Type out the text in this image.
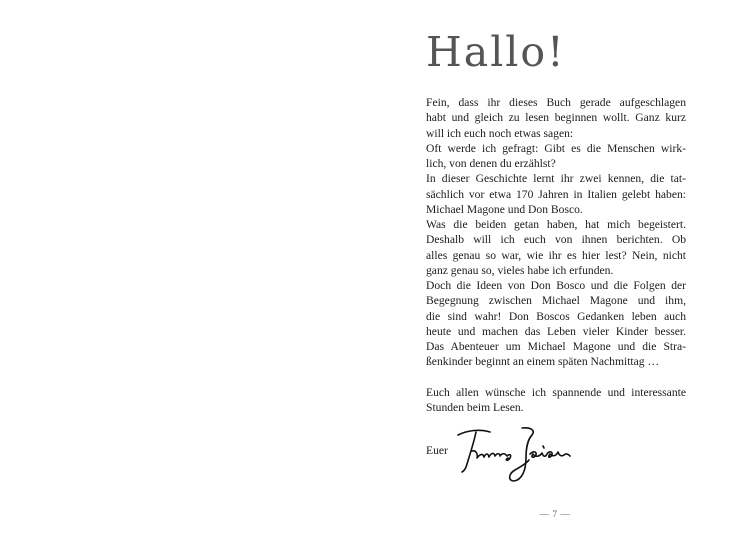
Hallo!
Fein, dass ihr dieses Buch gerade aufgeschlagen
habt und gleich zu lesen beginnen wollt. Ganz kurz
will ich euch noch etwas sagen:
Oft werde ich gefragt: Gibt es die Menschen wirk-
lich, von denen du erzählst?
In dieser Geschichte lernt ihr zwei kennen, die tat-
sächlich vor etwa 170 Jahren in Italien gelebt haben:
Michael Magone und Don Bosco.
Was die beiden getan haben, hat mich begeistert.
Deshalb will ich euch von ihnen berichten. Ob
alles genau so war, wie ihr es hier lest? Nein, nicht
ganz genau so, vieles habe ich erfunden.
Doch die Ideen von Don Bosco und die Folgen der
Begegnung zwischen Michael Magone und ihm,
die sind wahr! Don Boscos Gedanken leben auch
heute und machen das Leben vieler Kinder besser.
Das Abenteuer um Michael Magone und die Stra-
ßenkinder beginnt an einem späten Nachmittag …
Euch allen wünsche ich spannende und interessante
Stunden beim Lesen.
Euer
— 7 —
